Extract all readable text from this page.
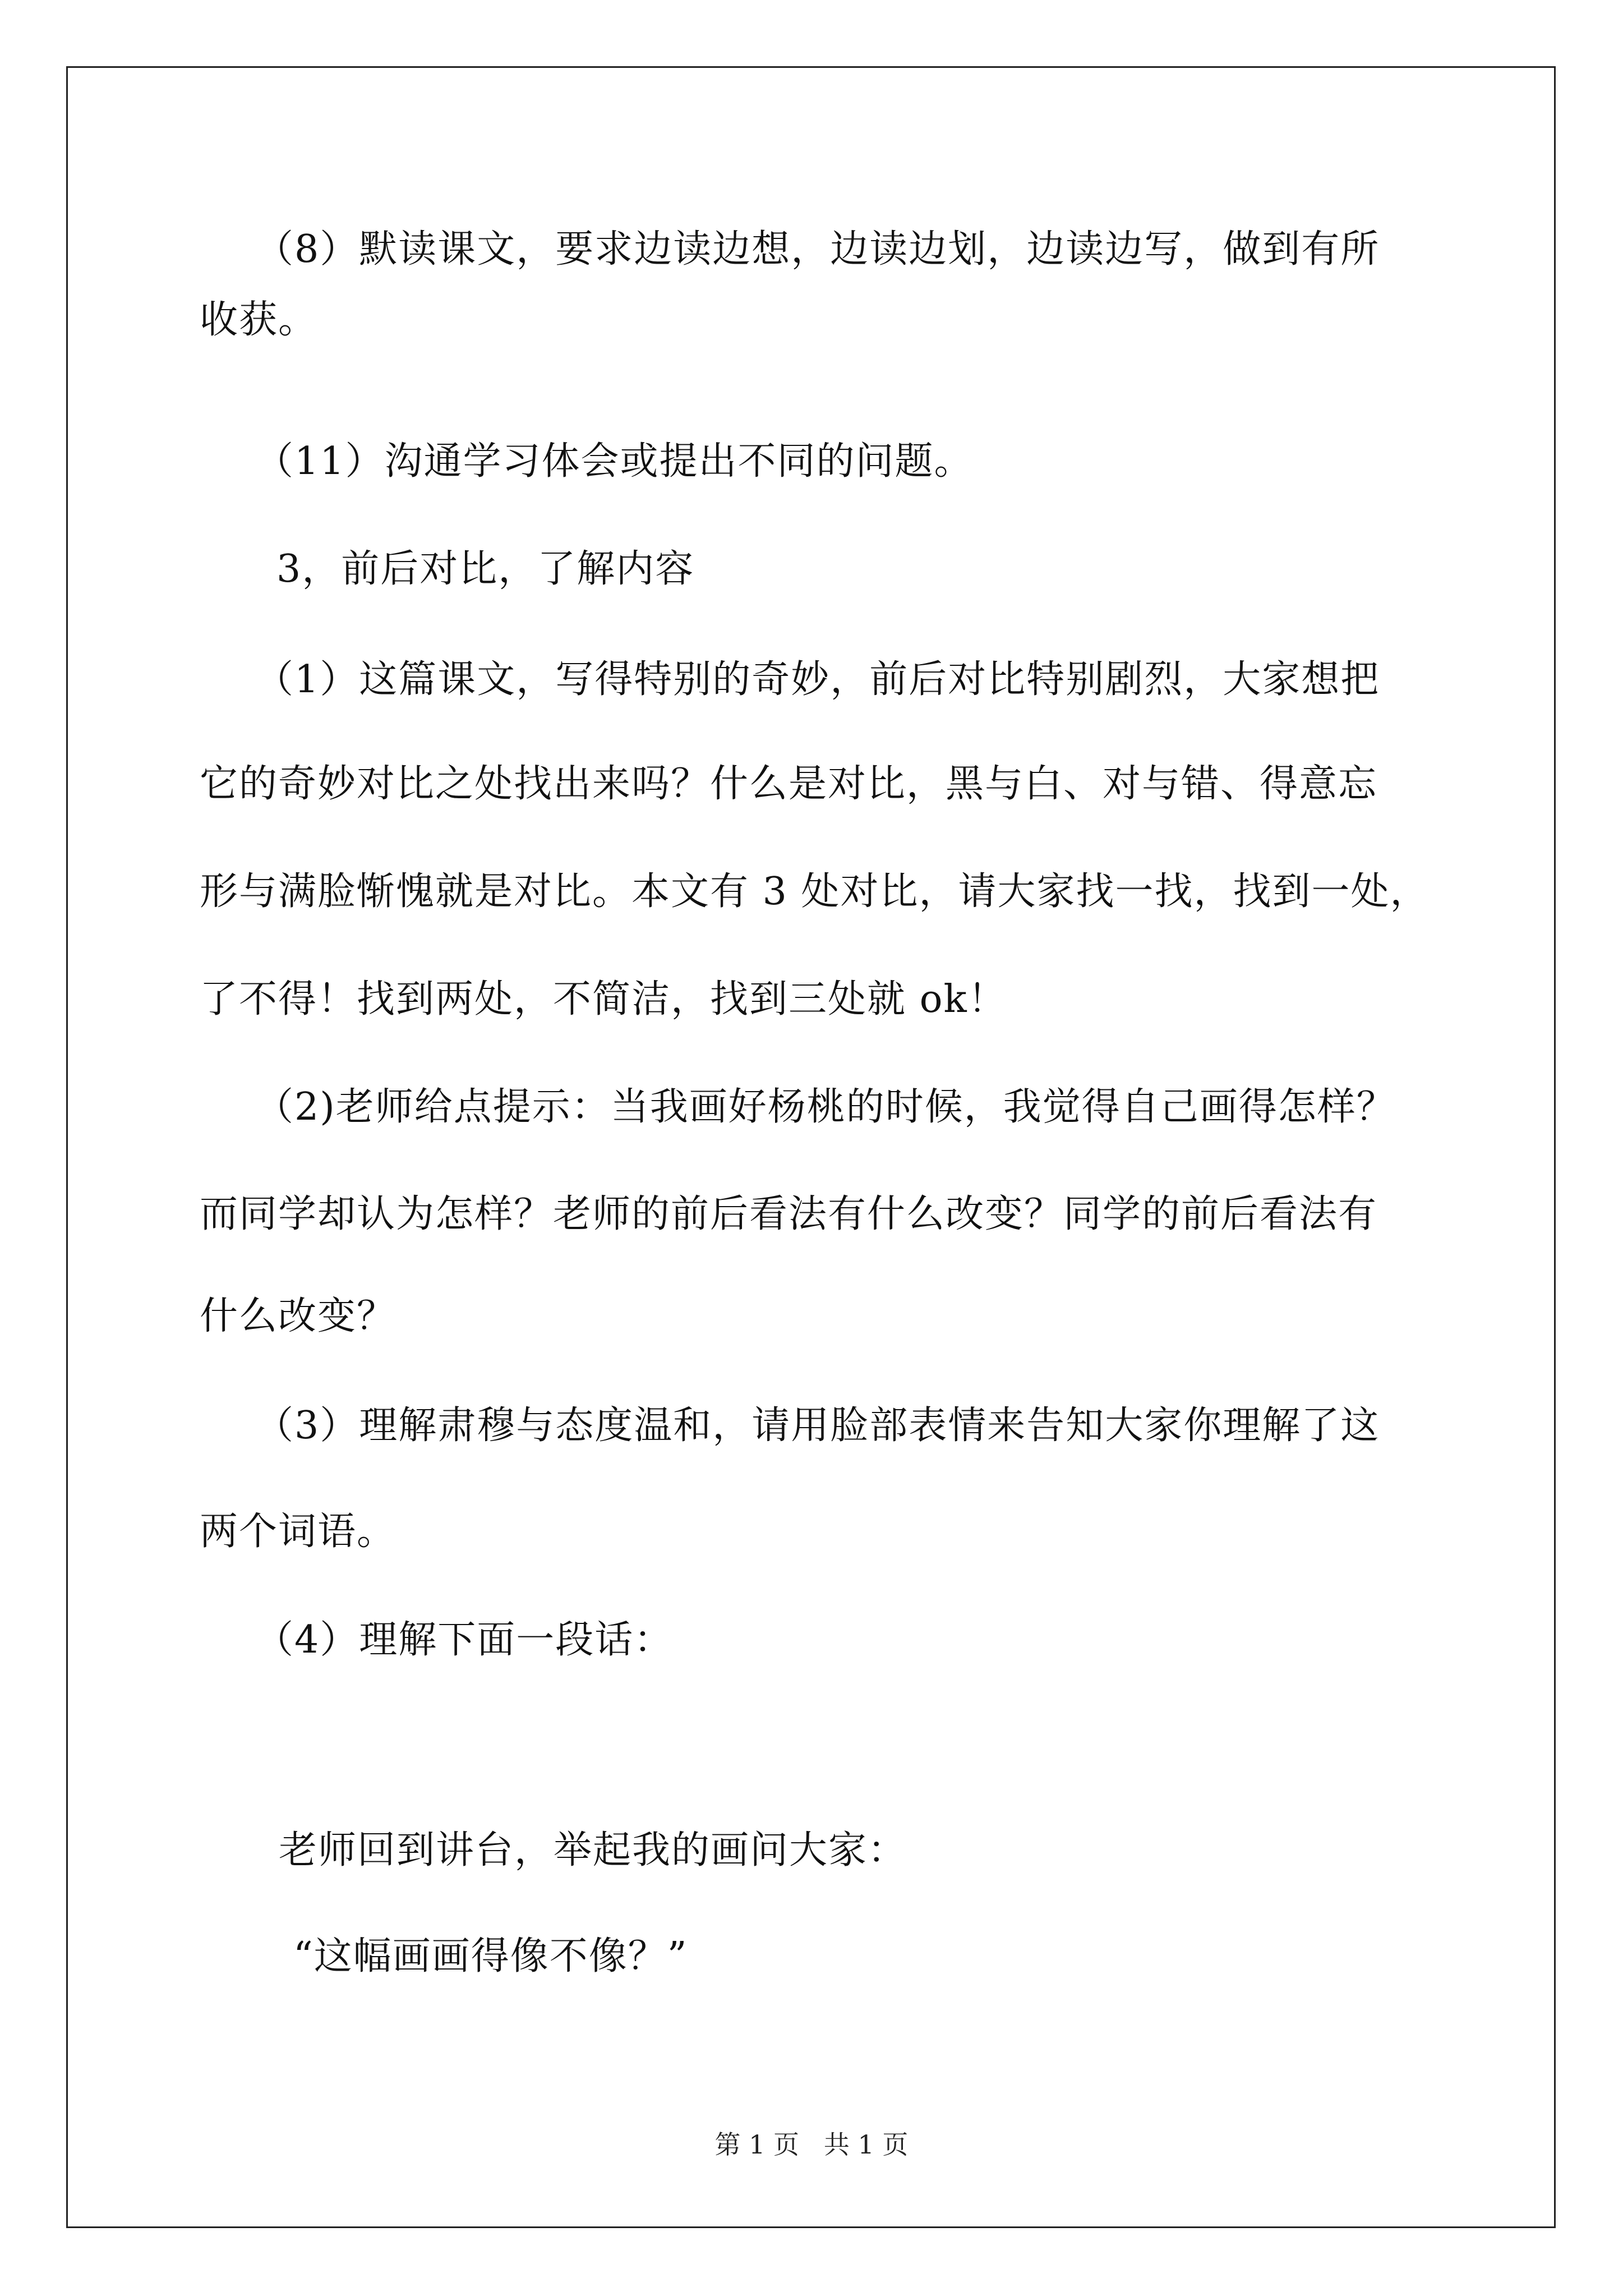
（8）默读课文，要求边读边想，边读边划，边读边写，做到有所
收获。
（11）沟通学习体会或提出不同的问题。
3，前后对比，了解内容
（1）这篇课文，写得特别的奇妙，前后对比特别剧烈，大家想把
它的奇妙对比之处找出来吗？什么是对比，黑与白、对与错、得意忘
形与满脸惭愧就是对比。本文有 3 处对比，请大家找一找，找到一处，
了不得！找到两处，不简洁，找到三处就 ok！
（2)老师给点提示：当我画好杨桃的时候，我觉得自己画得怎样？
而同学却认为怎样？老师的前后看法有什么改变？同学的前后看法有
什么改变？
（3）理解肃穆与态度温和，请用脸部表情来告知大家你理解了这
两个词语。
（4）理解下面一段话：
老师回到讲台，举起我的画问大家：
“这幅画画得像不像？”
第 1 页   共 1 页
